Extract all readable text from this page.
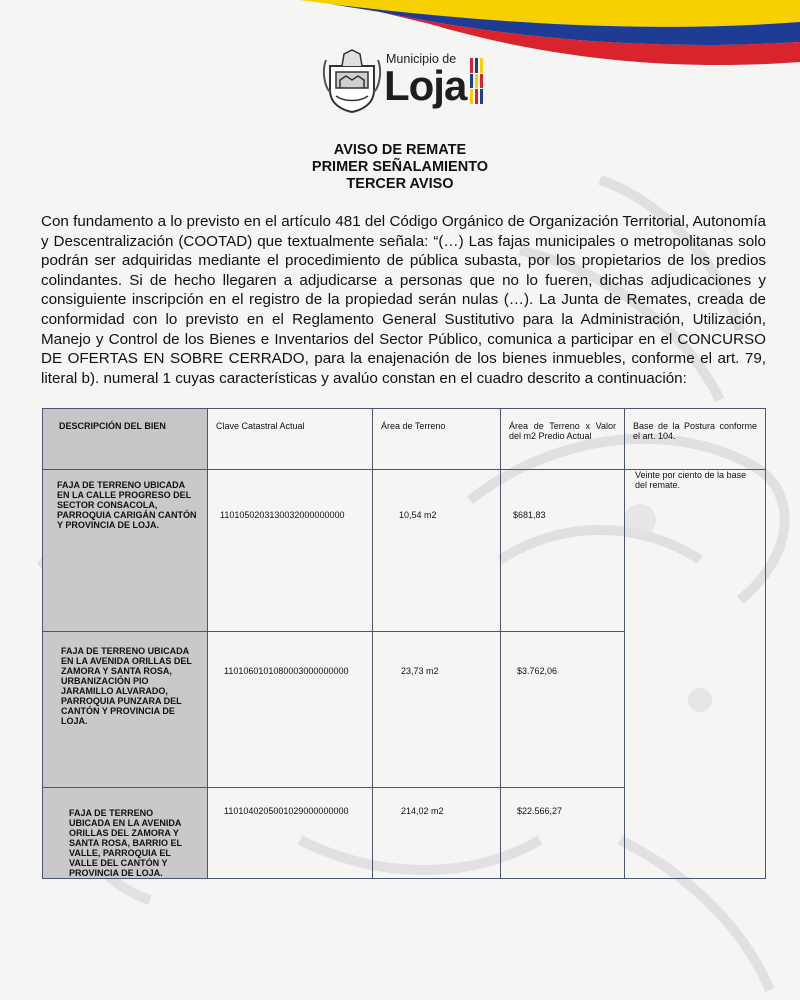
Municipio de
Loja
AVISO DE REMATE
PRIMER SEÑALAMIENTO
TERCER AVISO
Con fundamento a lo previsto en el artículo 481 del Código Orgánico de Organización Territorial, Autonomía y Descentralización (COOTAD) que textualmente señala: “(…) Las fajas municipales o metropolitanas solo podrán ser adquiridas mediante el procedimiento de pública subasta, por los propietarios de los predios colindantes. Si de hecho llegaren a adjudicarse a personas que no lo fueren, dichas adjudicaciones y consiguiente inscripción en el registro de la propiedad serán nulas (…). La Junta de Remates, creada de conformidad con lo previsto en el Reglamento General Sustitutivo para la Administración, Utilización, Manejo y Control de los Bienes e Inventarios del Sector Público, comunica a participar en el CONCURSO DE OFERTAS EN SOBRE CERRADO, para la enajenación de los bienes inmuebles, conforme el art. 79, literal b). numeral 1 cuyas características y avalúo constan en el cuadro descrito a continuación:
DESCRIPCIÓN DEL BIEN	Clave Catastral Actual	Área de Terreno	Área de Terreno x Valor del m2 Predio Actual	Base de la Postura conforme el art. 104.
FAJA DE TERRENO UBICADA EN LA CALLE PROGRESO DEL SECTOR CONSACOLA, PARROQUIA CARIGÁN CANTÓN Y PROVINCIA DE LOJA.	1101050203130032000000000	10,54 m2	$681,83	Veinte por ciento de la base del remate.
FAJA DE TERRENO UBICADA EN LA AVENIDA ORILLAS DEL ZAMORA Y SANTA ROSA, URBANIZACIÓN PIO JARAMILLO ALVARADO, PARROQUIA PUNZARA DEL CANTÓN Y PROVINCIA DE LOJA.	1101060101080003000000000	23,73 m2	$3.762,06	
FAJA DE TERRENO UBICADA EN LA AVENIDA ORILLAS DEL ZAMORA Y SANTA ROSA, BARRIO EL VALLE, PARROQUIA EL VALLE DEL CANTÓN Y PROVINCIA DE LOJA.	1101040205001029000000000	214,02 m2	$22.566,27	
